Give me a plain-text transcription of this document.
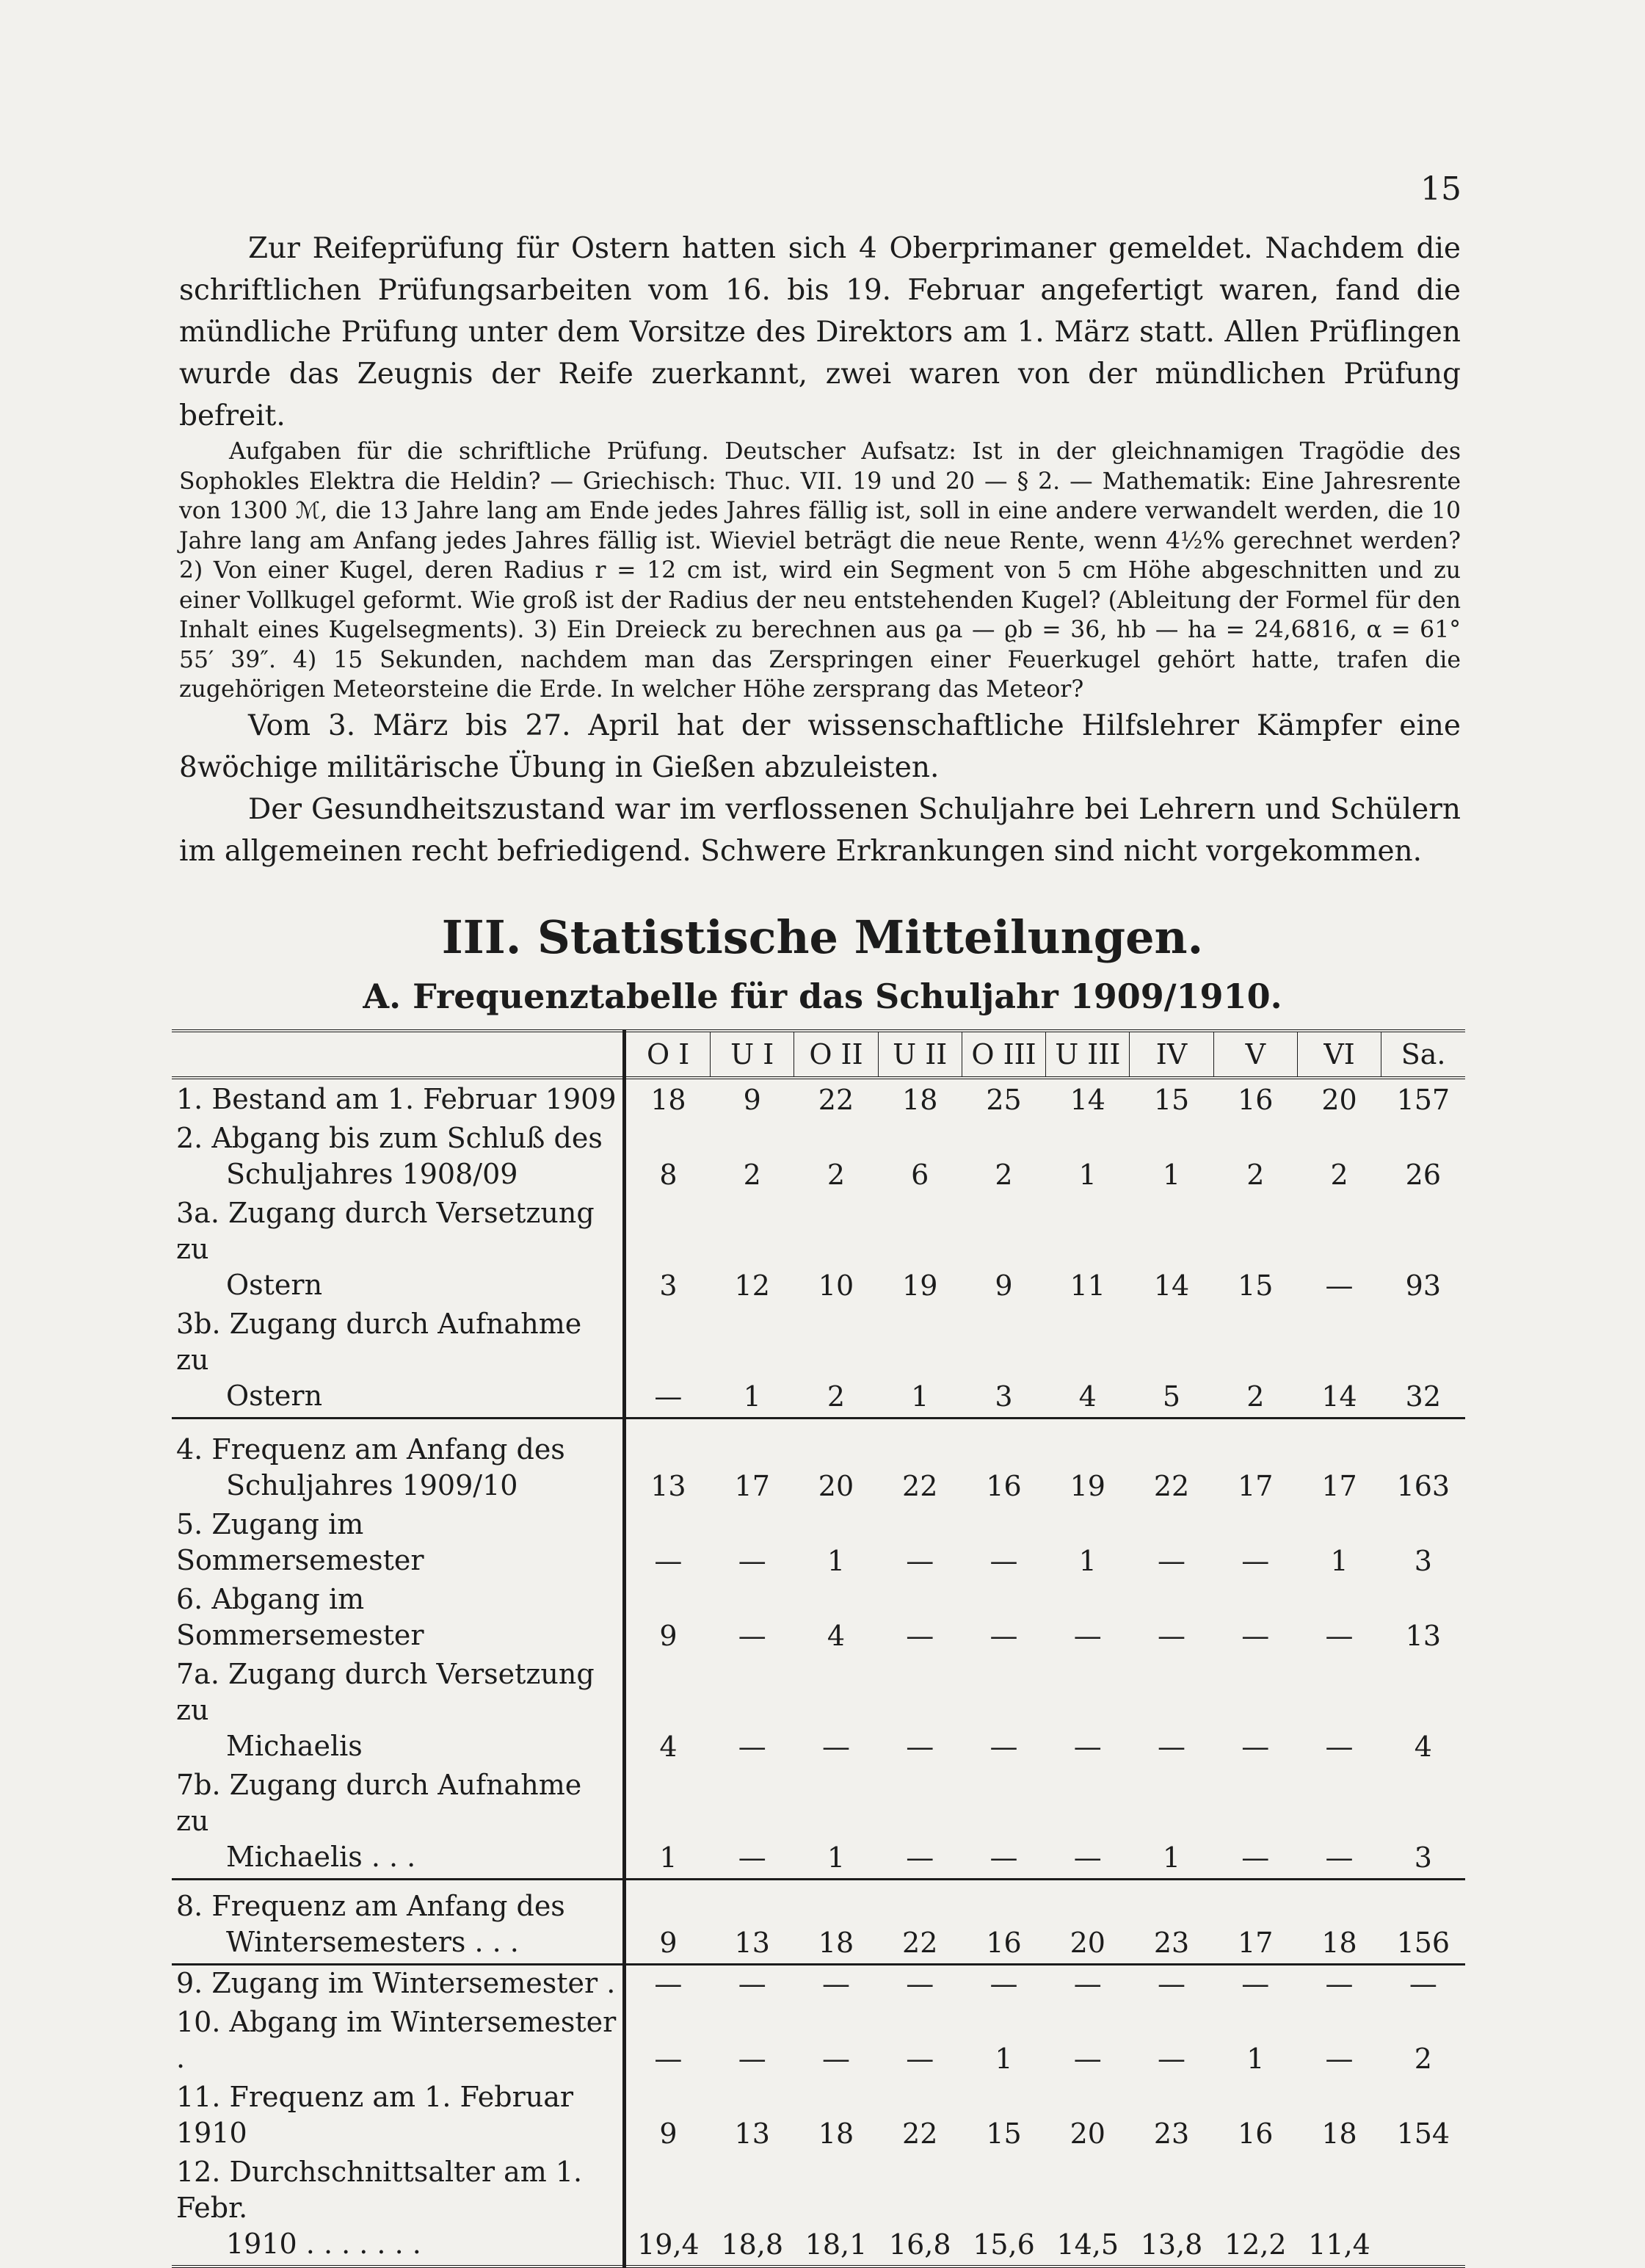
15

Zur Reifeprüfung für Ostern hatten sich 4 Oberprimaner gemeldet. Nachdem die schriftlichen Prüfungsarbeiten vom 16. bis 19. Februar angefertigt waren, fand die mündliche Prüfung unter dem Vorsitze des Direktors am 1. März statt. Allen Prüflingen wurde das Zeugnis der Reife zuerkannt, zwei waren von der mündlichen Prüfung befreit.

Aufgaben für die schriftliche Prüfung. Deutscher Aufsatz: Ist in der gleichnamigen Tragödie des Sophokles Elektra die Heldin? — Griechisch: Thuc. VII. 19 und 20 — § 2. — Mathematik: Eine Jahresrente von 1300 ℳ, die 13 Jahre lang am Ende jedes Jahres fällig ist, soll in eine andere verwandelt werden, die 10 Jahre lang am Anfang jedes Jahres fällig ist. Wieviel beträgt die neue Rente, wenn 4½% gerechnet werden? 2) Von einer Kugel, deren Radius r = 12 cm ist, wird ein Segment von 5 cm Höhe abgeschnitten und zu einer Vollkugel geformt. Wie groß ist der Radius der neu entstehenden Kugel? (Ableitung der Formel für den Inhalt eines Kugelsegments). 3) Ein Dreieck zu berechnen aus ϱa — ϱb = 36, hb — ha = 24,6816, α = 61° 55′ 39″. 4) 15 Sekunden, nachdem man das Zerspringen einer Feuerkugel gehört hatte, trafen die zugehörigen Meteorsteine die Erde. In welcher Höhe zersprang das Meteor?

Vom 3. März bis 27. April hat der wissenschaftliche Hilfslehrer Kämpfer eine 8wöchige militärische Übung in Gießen abzuleisten.

Der Gesundheitszustand war im verflossenen Schuljahre bei Lehrern und Schülern im allgemeinen recht befriedigend. Schwere Erkrankungen sind nicht vorgekommen.

III. Statistische Mitteilungen.
A. Frequenztabelle für das Schuljahr 1909/1910.
	O I	U I	O II	U II	O III	U III	IV	V	VI	Sa.

1. Bestand am 1. Februar 1909	18	9	22	18	25	14	15	16	20	157

2. Abgang bis zum Schluß des
Schuljahres 1908/09	8	2	2	6	2	1	1	2	2	26

3a. Zugang durch Versetzung zu
Ostern	3	12	10	19	9	11	14	15	—	93

3b. Zugang durch Aufnahme zu
Ostern	—	1	2	1	3	4	5	2	14	32

4. Frequenz am Anfang des
Schuljahres 1909/10	13	17	20	22	16	19	22	17	17	163

5. Zugang im Sommersemester	—	—	1	—	—	1	—	—	1	3

6. Abgang im Sommersemester	9	—	4	—	—	—	—	—	—	13

7a. Zugang durch Versetzung zu
Michaelis	4	—	—	—	—	—	—	—	—	4

7b. Zugang durch Aufnahme zu
Michaelis . . .	1	—	1	—	—	—	1	—	—	3

8. Frequenz am Anfang des
Wintersemesters . . .	9	13	18	22	16	20	23	17	18	156

9. Zugang im Wintersemester .	—	—	—	—	—	—	—	—	—	—

10. Abgang im Wintersemester .	—	—	—	—	1	—	—	1	—	2

11. Frequenz am 1. Februar 1910	9	13	18	22	15	20	23	16	18	154

12. Durchschnittsalter am 1. Febr.
1910 . . . . . . .	19,4	18,8	18,1	16,8	15,6	14,5	13,8	12,2	11,4	
